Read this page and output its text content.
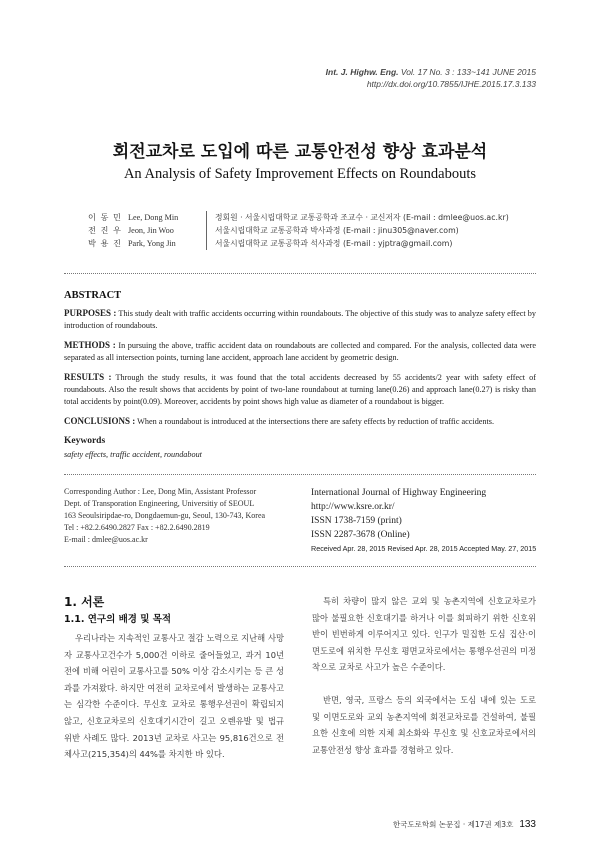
Int. J. Highw. Eng. Vol. 17 No. 3 : 133~141 JUNE 2015
http://dx.doi.org/10.7855/IJHE.2015.17.3.133
회전교차로 도입에 따른 교통안전성 향상 효과분석
An Analysis of Safety Improvement Effects on Roundabouts
이 동 민 Lee, Dong Min	정회원 · 서울시립대학교 교통공학과 조교수 · 교신저자 (E-mail : dmlee@uos.ac.kr)
전 진 우 Jeon, Jin Woo	서울시립대학교 교통공학과 박사과정 (E-mail : jinu305@naver.com)
박 용 진 Park, Yong Jin	서울시립대학교 교통공학과 석사과정 (E-mail : yjptra@gmail.com)
ABSTRACT

PURPOSES : This study dealt with traffic accidents occurring within roundabouts. The objective of this study was to analyze safety effect by introduction of roundabouts.

METHODS : In pursuing the above, traffic accident data on roundabouts are collected and compared. For the analysis, collected data were separated as all intersection points, turning lane accident, approach lane accident by geometric design.

RESULTS : Through the study results, it was found that the total accidents decreased by 55 accidents/2 year with safety effect of roundabouts. Also the result shows that accidents by point of two-lane roundabout at turning lane(0.26) and approach lane(0.27) is risky than total accidents by point(0.09). Moreover, accidents by point shows high value as diameter of a roundabout is bigger.

CONCLUSIONS : When a roundabout is introduced at the intersections there are safety effects by reduction of traffic accidents.

Keywords
safety effects, traffic accident, roundabout
Corresponding Author : Lee, Dong Min, Assistant Professor
Dept. of Transporation Engineering, Universitiy of SEOUL
163 Seoulsiripdae-ro, Dongdaemun-gu, Seoul, 130-743, Korea
Tel : +82.2.6490.2827 Fax : +82.2.6490.2819
E-mail : dmlee@uos.ac.kr
International Journal of Highway Engineering
http://www.ksre.or.kr/
ISSN 1738-7159 (print)
ISSN 2287-3678 (Online)
Received Apr. 28, 2015 Revised Apr. 28, 2015 Accepted May. 27, 2015
1. 서론
1.1. 연구의 배경 및 목적

우리나라는 지속적인 교통사고 절감 노력으로 지난해 사망자 교통사고건수가 5,000건 이하로 줄어들었고, 과거 10년 전에 비해 어린이 교통사고를 50% 이상 감소시키는 등 큰 성과를 가져왔다. 하지만 여전히 교차로에서 발생하는 교통사고는 심각한 수준이다. 무신호 교차로 통행우선권이 확립되지 않고, 신호교차로의 신호대기시간이 길고 오렌유발 및 법규 위반 사례도 많다. 2013년 교차로 사고는 95,816건으로 전체사고(215,354)의 44%를 차지한 바 있다.

특히 차량이 많지 않은 교외 및 농촌지역에 신호교차로가 많아 불필요한 신호대기를 하거나 이를 회피하기 위한 신호위반이 빈번하게 이루어지고 있다. 인구가 밀집한 도심 집산·이면도로에 위치한 무신호 평면교차로에서는 통행우선권의 미정착으로 교차로 사고가 높은 수준이다.

반면, 영국, 프랑스 등의 외국에서는 도심 내에 있는 도로 및 이면도로와 교외 농촌지역에 회전교차로를 건설하여, 불필요한 신호에 의한 지체 최소화와 무신호 및 신호교차로에서의 교통안전성 향상 효과를 경험하고 있다.

한국도로학회 논문집 · 제17권 제3호 133
